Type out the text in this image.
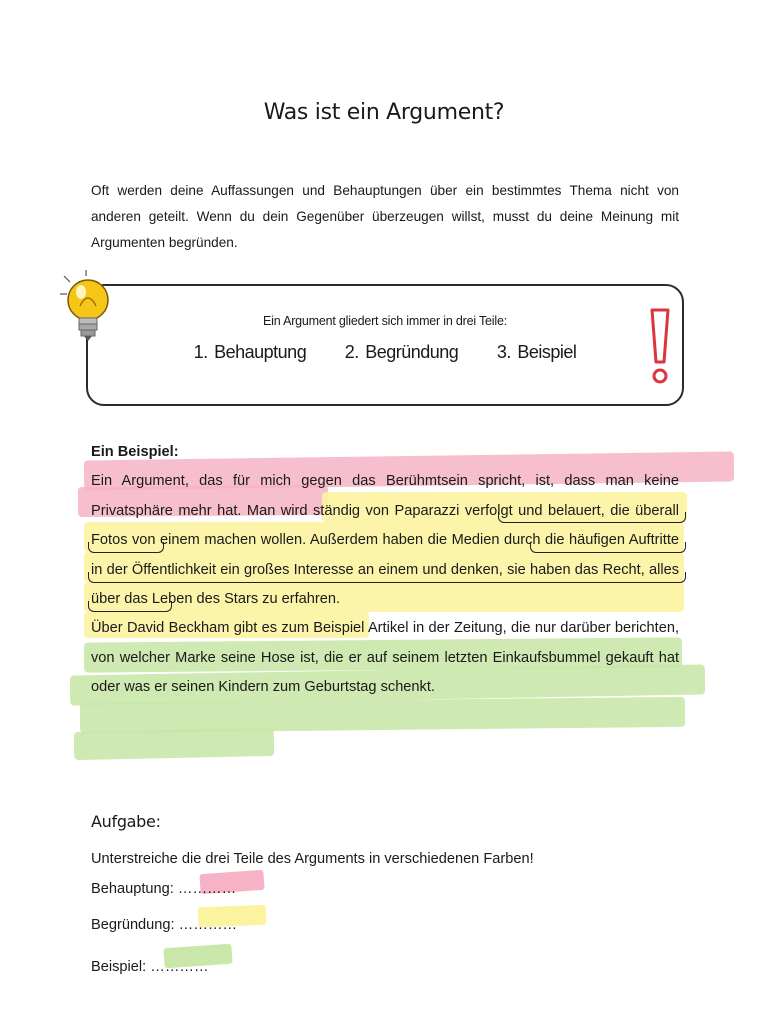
Was ist ein Argument?
Oft werden deine Auffassungen und Behauptungen über ein bestimmtes Thema nicht von anderen geteilt. Wenn du dein Gegenüber überzeugen willst, musst du deine Meinung mit Argumenten begründen.
Ein Argument gliedert sich immer in drei Teile:
1. Behauptung 2. Begründung 3. Beispiel
Ein Beispiel:
Ein Argument, das für mich gegen das Berühmtsein spricht, ist, dass man keine Privatsphäre mehr hat. Man wird ständig von Paparazzi verfolgt und belauert, die überall Fotos von einem machen wollen. Außerdem haben die Medien durch die häufigen Auftritte in der Öffentlichkeit ein großes Interesse an einem und denken, sie haben das Recht, alles über das Leben des Stars zu erfahren.
Über David Beckham gibt es zum Beispiel Artikel in der Zeitung, die nur darüber berichten, von welcher Marke seine Hose ist, die er auf seinem letzten Einkaufsbummel gekauft hat oder was er seinen Kindern zum Geburtstag schenkt.
Aufgabe:
Unterstreiche die drei Teile des Arguments in verschiedenen Farben!
Behauptung: …………
Begründung: …………
Beispiel: …………
